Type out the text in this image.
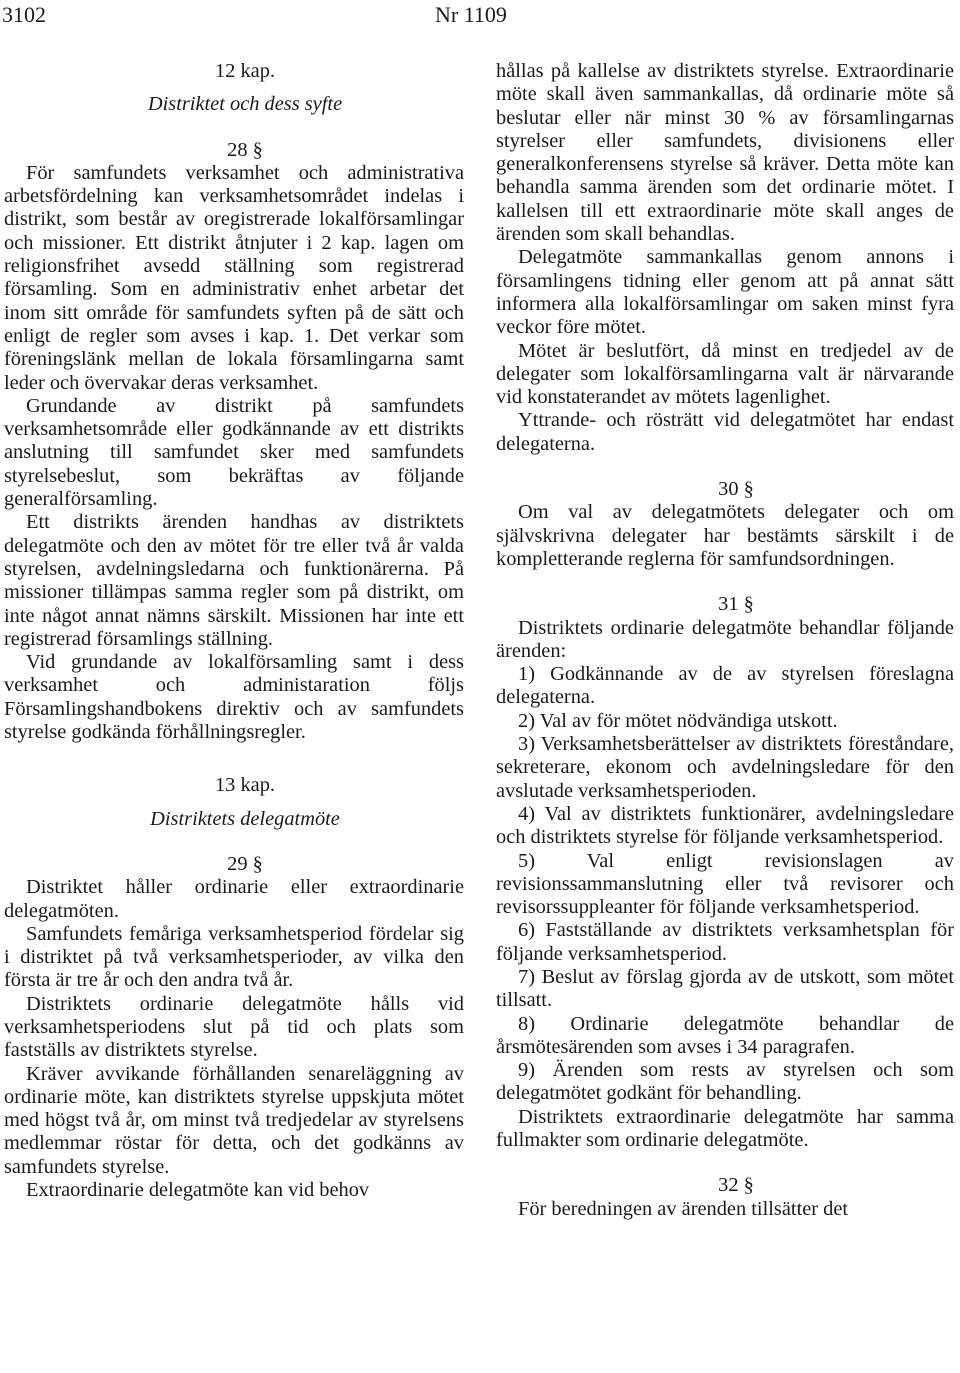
3102	Nr 1109

12 kap.

Distriktet och dess syfte

28 §

För samfundets verksamhet och administrativa arbetsfördelning kan verksamhetsområdet indelas i distrikt, som består av oregistrerade lokalförsamlingar och missioner. Ett distrikt åtnjuter i 2 kap. lagen om religionsfrihet avsedd ställning som registrerad församling. Som en administrativ enhet arbetar det inom sitt område för samfundets syften på de sätt och enligt de regler som avses i kap. 1. Det verkar som föreningslänk mellan de lokala församlingarna samt leder och övervakar deras verksamhet.

Grundande av distrikt på samfundets verksamhetsområde eller godkännande av ett distrikts anslutning till samfundet sker med samfundets styrelsebeslut, som bekräftas av följande generalförsamling.

Ett distrikts ärenden handhas av distriktets delegatmöte och den av mötet för tre eller två år valda styrelsen, avdelningsledarna och funktionärerna. På missioner tillämpas samma regler som på distrikt, om inte något annat nämns särskilt. Missionen har inte ett registrerad församlings ställning.

Vid grundande av lokalförsamling samt i dess verksamhet och administaration följs Församlingshandbokens direktiv och av samfundets styrelse godkända förhållningsregler.

13 kap.

Distriktets delegatmöte

29 §

Distriktet håller ordinarie eller extraordinarie delegatmöten.

Samfundets femåriga verksamhetsperiod fördelar sig i distriktet på två verksamhetsperioder, av vilka den första är tre år och den andra två år.

Distriktets ordinarie delegatmöte hålls vid verksamhetsperiodens slut på tid och plats som fastställs av distriktets styrelse.

Kräver avvikande förhållanden senareläggning av ordinarie möte, kan distriktets styrelse uppskjuta mötet med högst två år, om minst två tredjedelar av styrelsens medlemmar röstar för detta, och det godkänns av samfundets styrelse.

Extraordinarie delegatmöte kan vid behov

hållas på kallelse av distriktets styrelse. Extraordinarie möte skall även sammankallas, då ordinarie möte så beslutar eller när minst 30 % av församlingarnas styrelser eller samfundets, divisionens eller generalkonferensens styrelse så kräver. Detta möte kan behandla samma ärenden som det ordinarie mötet. I kallelsen till ett extraordinarie möte skall anges de ärenden som skall behandlas.

Delegatmöte sammankallas genom annons i församlingens tidning eller genom att på annat sätt informera alla lokalförsamlingar om saken minst fyra veckor före mötet.

Mötet är beslutfört, då minst en tredjedel av de delegater som lokalförsamlingarna valt är närvarande vid konstaterandet av mötets lagenlighet.

Yttrande- och rösträtt vid delegatmötet har endast delegaterna.

30 §

Om val av delegatmötets delegater och om självskrivna delegater har bestämts särskilt i de kompletterande reglerna för samfundsordningen.

31 §

Distriktets ordinarie delegatmöte behandlar följande ärenden:

1) Godkännande av de av styrelsen föreslagna delegaterna.

2) Val av för mötet nödvändiga utskott.

3) Verksamhetsberättelser av distriktets föreståndare, sekreterare, ekonom och avdelningsledare för den avslutade verksamhetsperioden.

4) Val av distriktets funktionärer, avdelningsledare och distriktets styrelse för följande verksamhetsperiod.

5) Val enligt revisionslagen av revisionssammanslutning eller två revisorer och revisorssuppleanter för följande verksamhetsperiod.

6) Fastställande av distriktets verksamhetsplan för följande verksamhetsperiod.

7) Beslut av förslag gjorda av de utskott, som mötet tillsatt.

8) Ordinarie delegatmöte behandlar de årsmötesärenden som avses i 34 paragrafen.

9) Ärenden som rests av styrelsen och som delegatmötet godkänt för behandling.

Distriktets extraordinarie delegatmöte har samma fullmakter som ordinarie delegatmöte.

32 §

För beredningen av ärenden tillsätter det
